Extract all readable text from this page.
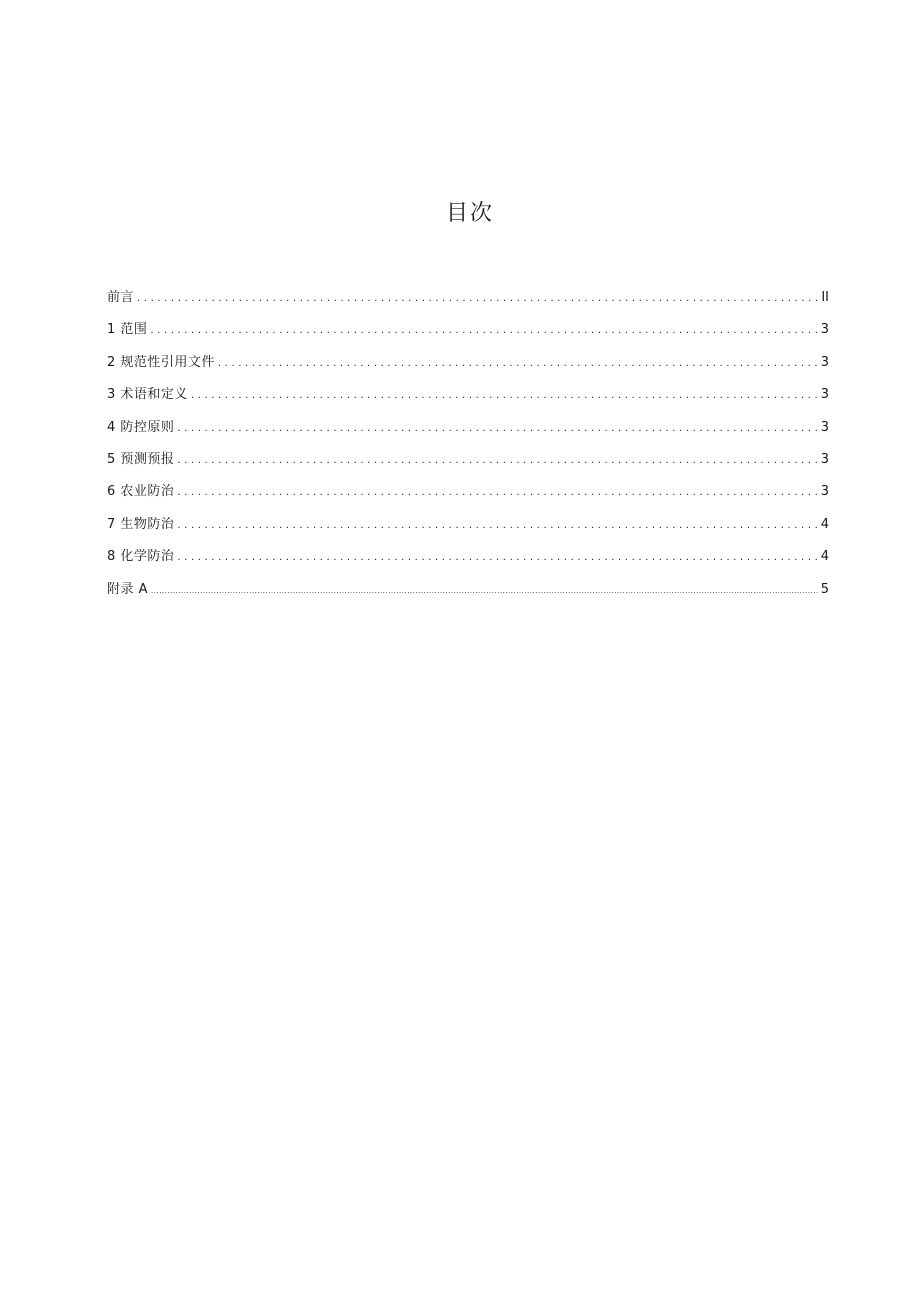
目次
前言 .....	II
1 范围 .....	3
2 规范性引用文件 .....	3
3 术语和定义 .....	3
4 防控原则 .....	3
5 预测预报 .....	3
6 农业防治 .....	3
7 生物防治 .....	4
8 化学防治 .....	4
附录 A .....	5
